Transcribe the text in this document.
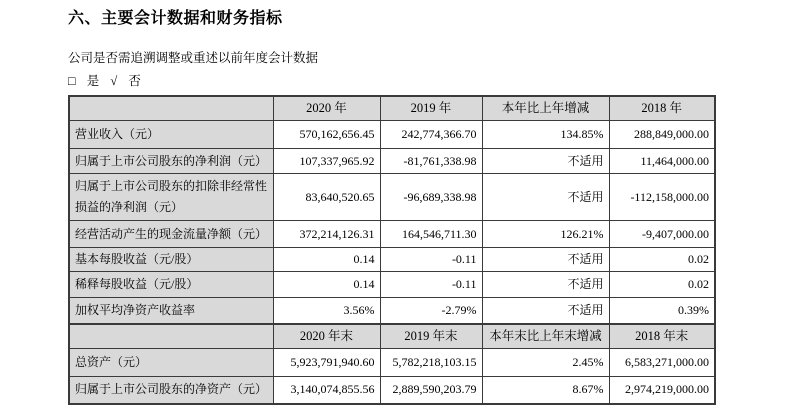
六、主要会计数据和财务指标

公司是否需追溯调整或重述以前年度会计数据

□ 是 √ 否

	2020 年	2019 年	本年比上年增减	2018 年
营业收入（元）	570,162,656.45	242,774,366.70	134.85%	288,849,000.00
归属于上市公司股东的净利润（元）	107,337,965.92	-81,761,338.98	不适用	11,464,000.00
归属于上市公司股东的扣除非经常性损益的净利润（元）	83,640,520.65	-96,689,338.98	不适用	-112,158,000.00
经营活动产生的现金流量净额（元）	372,214,126.31	164,546,711.30	126.21%	-9,407,000.00
基本每股收益（元/股）	0.14	-0.11	不适用	0.02
稀释每股收益（元/股）	0.14	-0.11	不适用	0.02
加权平均净资产收益率	3.56%	-2.79%	不适用	0.39%
	2020 年末	2019 年末	本年末比上年末增减	2018 年末
总资产（元）	5,923,791,940.60	5,782,218,103.15	2.45%	6,583,271,000.00
归属于上市公司股东的净资产（元）	3,140,074,855.56	2,889,590,203.79	8.67%	2,974,219,000.00
